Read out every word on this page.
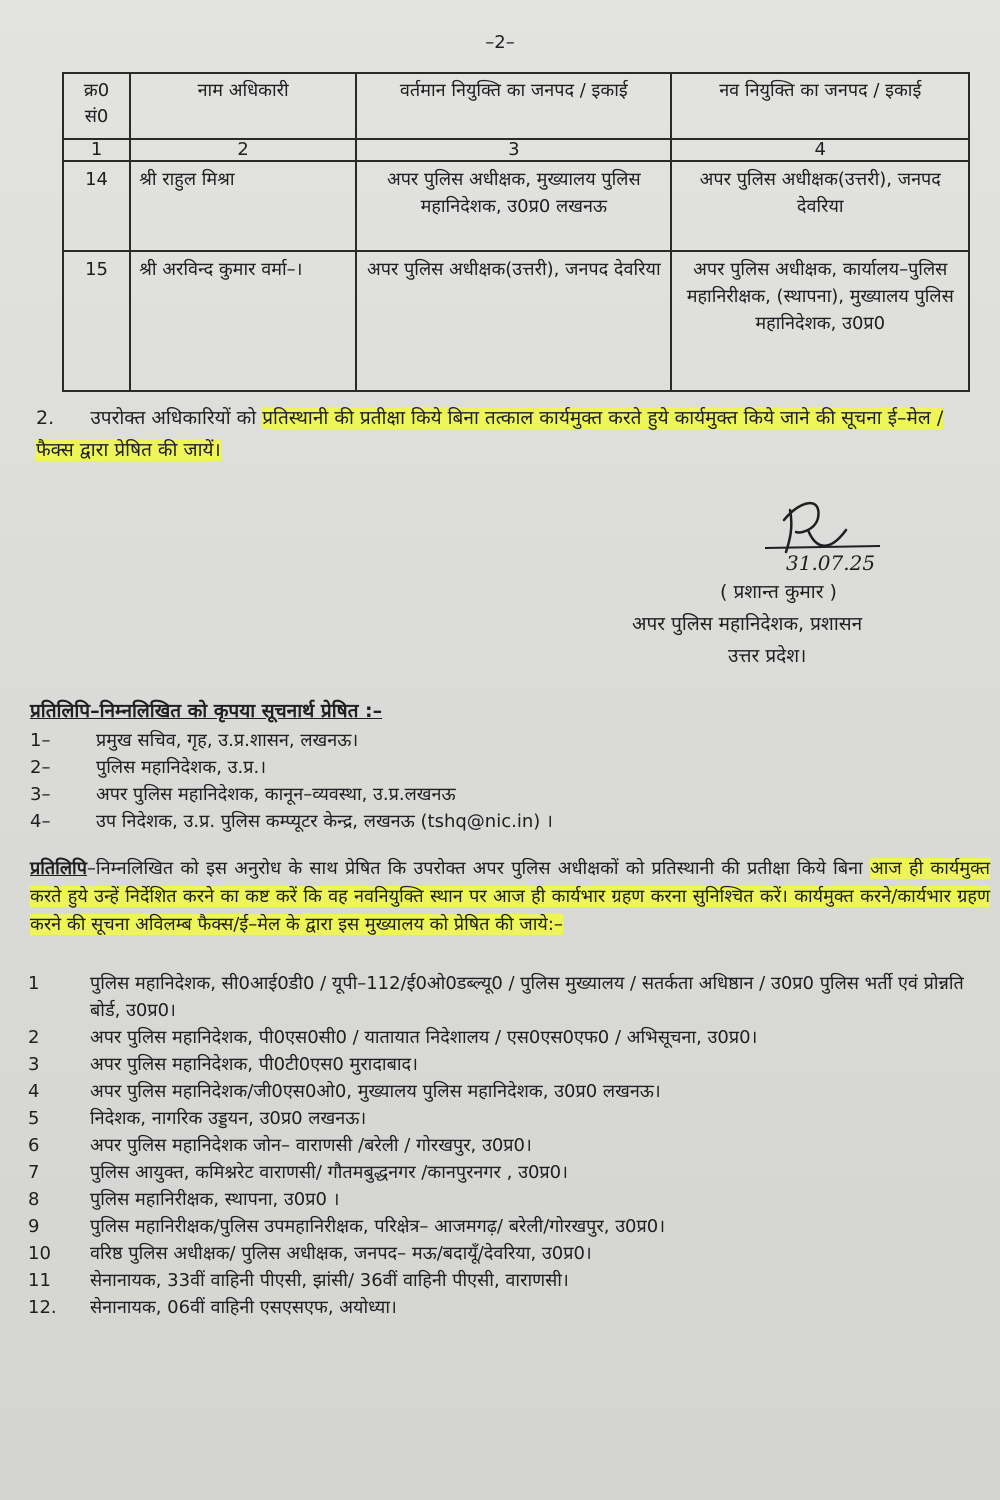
–2–
क्र0 सं0	नाम अधिकारी	वर्तमान नियुक्ति का जनपद / इकाई	नव नियुक्ति का जनपद / इकाई
1	2	3	4
14	श्री राहुल मिश्रा	अपर पुलिस अधीक्षक, मुख्यालय पुलिस महानिदेशक, उ0प्र0 लखनऊ	अपर पुलिस अधीक्षक(उत्तरी), जनपद देवरिया
15	श्री अरविन्द कुमार वर्मा–।	अपर पुलिस अधीक्षक(उत्तरी), जनपद देवरिया	अपर पुलिस अधीक्षक, कार्यालय–पुलिस महानिरीक्षक, (स्थापना), मुख्यालय पुलिस महानिदेशक, उ0प्र0
2. उपरोक्त अधिकारियों को प्रतिस्थानी की प्रतीक्षा किये बिना तत्काल कार्यमुक्त करते हुये कार्यमुक्त किये जाने की सूचना ई–मेल / फैक्स द्वारा प्रेषित की जायें।
31.07.25
( प्रशान्त कुमार )
अपर पुलिस महानिदेशक, प्रशासन
उत्तर प्रदेश।
प्रतिलिपि–निम्नलिखित को कृपया सूचनार्थ प्रेषित :–
1–	प्रमुख सचिव, गृह, उ.प्र.शासन, लखनऊ।
2–	पुलिस महानिदेशक, उ.प्र.।
3–	अपर पुलिस महानिदेशक, कानून–व्यवस्था, उ.प्र.लखनऊ
4–	उप निदेशक, उ.प्र. पुलिस कम्प्यूटर केन्द्र, लखनऊ (tshq@nic.in) ।
प्रतिलिपि–निम्नलिखित को इस अनुरोध के साथ प्रेषित कि उपरोक्त अपर पुलिस अधीक्षकों को प्रतिस्थानी की प्रतीक्षा किये बिना आज ही कार्यमुक्त करते हुये उन्हें निर्देशित करने का कष्ट करें कि वह नवनियुक्ति स्थान पर आज ही कार्यभार ग्रहण करना सुनिश्चित करें। कार्यमुक्त करने/कार्यभार ग्रहण करने की सूचना अविलम्ब फैक्स/ई–मेल के द्वारा इस मुख्यालय को प्रेषित की जाये:–
1	पुलिस महानिदेशक, सी0आई0डी0 / यूपी–112/ई0ओ0डब्ल्यू0 / पुलिस मुख्यालय / सतर्कता अधिष्ठान / उ0प्र0 पुलिस भर्ती एवं प्रोन्नति बोर्ड, उ0प्र0।
2	अपर पुलिस महानिदेशक, पी0एस0सी0 / यातायात निदेशालय / एस0एस0एफ0 / अभिसूचना, उ0प्र0।
3	अपर पुलिस महानिदेशक, पी0टी0एस0 मुरादाबाद।
4	अपर पुलिस महानिदेशक/जी0एस0ओ0, मुख्यालय पुलिस महानिदेशक, उ0प्र0 लखनऊ।
5	निदेशक, नागरिक उड्डयन, उ0प्र0 लखनऊ।
6	अपर पुलिस महानिदेशक जोन– वाराणसी /बरेली / गोरखपुर, उ0प्र0।
7	पुलिस आयुक्त, कमिश्नरेट वाराणसी/ गौतमबुद्धनगर /कानपुरनगर , उ0प्र0।
8	पुलिस महानिरीक्षक, स्थापना, उ0प्र0 ।
9	पुलिस महानिरीक्षक/पुलिस उपमहानिरीक्षक, परिक्षेत्र– आजमगढ़/ बरेली/गोरखपुर, उ0प्र0।
10 वरिष्ठ पुलिस अधीक्षक/ पुलिस अधीक्षक, जनपद– मऊ/बदायूँ/देवरिया, उ0प्र0।
11 सेनानायक, 33वीं वाहिनी पीएसी, झांसी/ 36वीं वाहिनी पीएसी, वाराणसी।
12. सेनानायक, 06वीं वाहिनी एसएसएफ, अयोध्या।
